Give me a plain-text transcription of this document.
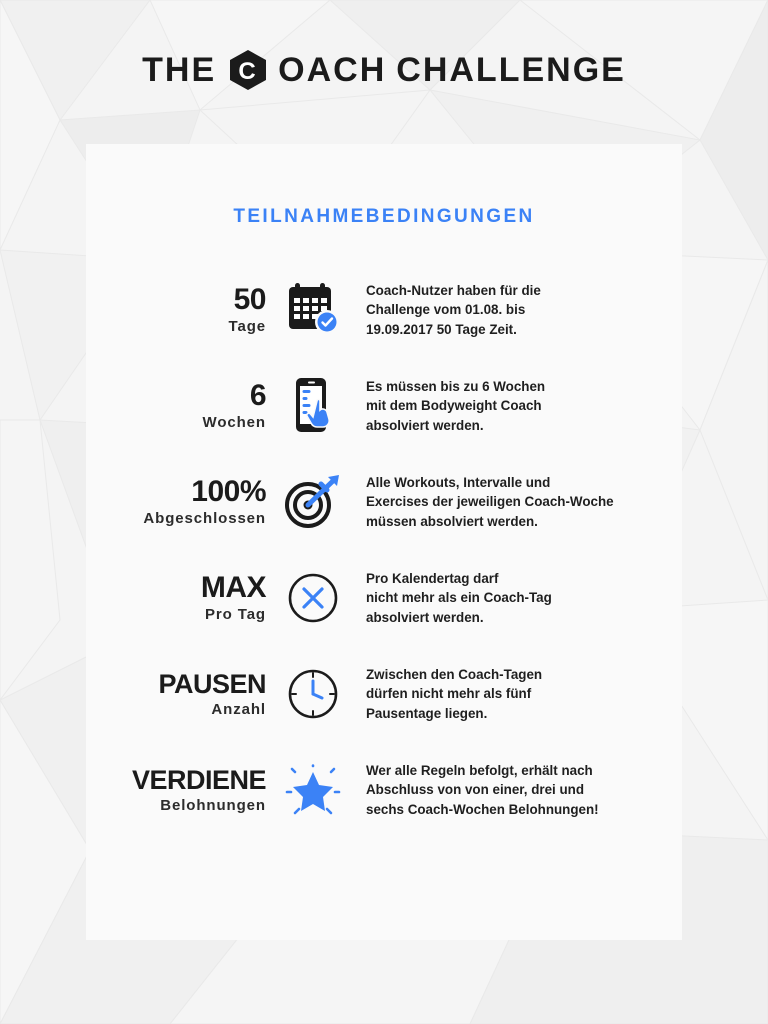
THE C OACH CHALLENGE
TEILNAHMEBEDINGUNGEN
50
Tage
Coach-Nutzer haben für die
Challenge vom 01.08. bis
19.09.2017 50 Tage Zeit.
6
Wochen
Es müssen bis zu 6 Wochen
mit dem Bodyweight Coach
absolviert werden.
100%
Abgeschlossen
Alle Workouts, Intervalle und
Exercises der jeweiligen Coach-Woche
müssen absolviert werden.
MAX
Pro Tag
Pro Kalendertag darf
nicht mehr als ein Coach-Tag
absolviert werden.
PAUSEN
Anzahl
Zwischen den Coach-Tagen
dürfen nicht mehr als fünf
Pausentage liegen.
VERDIENE
Belohnungen
Wer alle Regeln befolgt, erhält nach
Abschluss von von einer, drei und
sechs Coach-Wochen Belohnungen!
